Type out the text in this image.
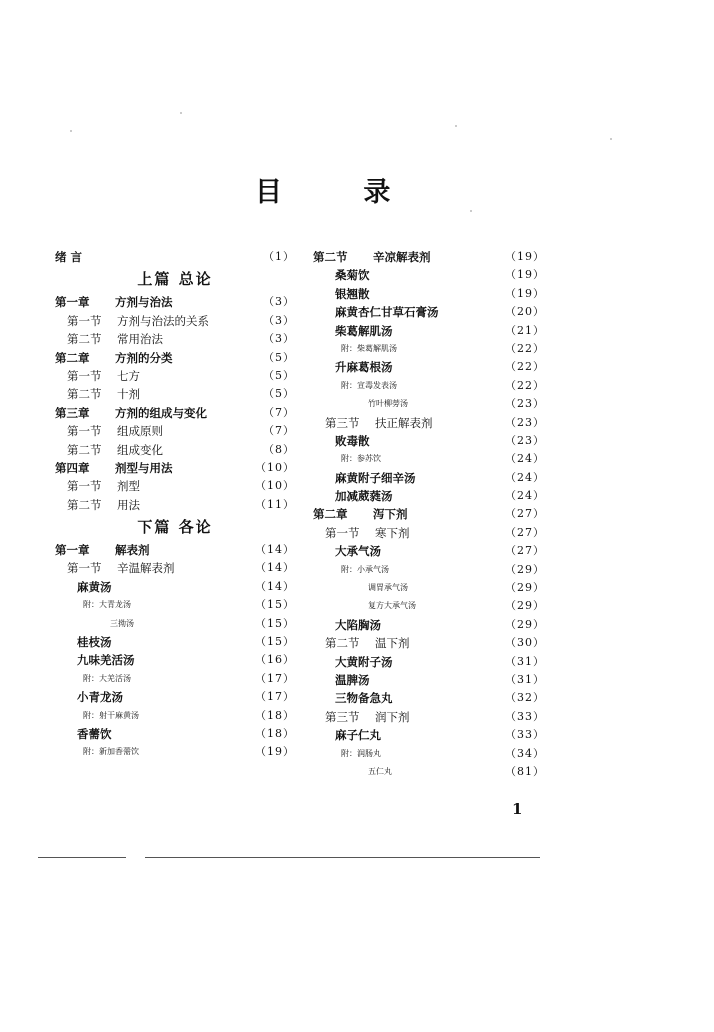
目 录
绪 言	（1）
上篇 总论
第一章 方剂与治法	（3）
第一节 方剂与治法的关系	（3）
第二节 常用治法	（3）
第二章 方剂的分类	（5）
第一节 七方	（5）
第二节 十剂	（5）
第三章 方剂的组成与变化	（7）
第一节 组成原则	（7）
第二节 组成变化	（8）
第四章 剂型与用法	（10）
第一节 剂型	（10）
第二节 用法	（11）
下篇 各论
第一章 解表剂	（14）
第一节 辛温解表剂	（14）
麻黄汤	（14）
附：大青龙汤	（15）
三拗汤	（15）
桂枝汤	（15）
九味羌活汤	（16）
附：大羌活汤	（17）
小青龙汤	（17）
附：射干麻黄汤	（18）
香薷饮	（18）
附：新加香薷饮	（19）
第二节 辛凉解表剂	（19）
桑菊饮	（19）
银翘散	（19）
麻黄杏仁甘草石膏汤	（20）
柴葛解肌汤	（21）
附：柴葛解肌汤	（22）
升麻葛根汤	（22）
附：宣毒发表汤	（22）
竹叶柳蒡汤	（23）
第三节 扶正解表剂	（23）
败毒散	（23）
附：参苏饮	（24）
麻黄附子细辛汤	（24）
加减葳蕤汤	（24）
第二章 泻下剂	（27）
第一节 寒下剂	（27）
大承气汤	（27）
附：小承气汤	（29）
调胃承气汤	（29）
复方大承气汤	（29）
大陷胸汤	（29）
第二节 温下剂	（30）
大黄附子汤	（31）
温脾汤	（31）
三物备急丸	（32）
第三节 润下剂	（33）
麻子仁丸	（33）
附：润肠丸	（34）
五仁丸	（81）
1
